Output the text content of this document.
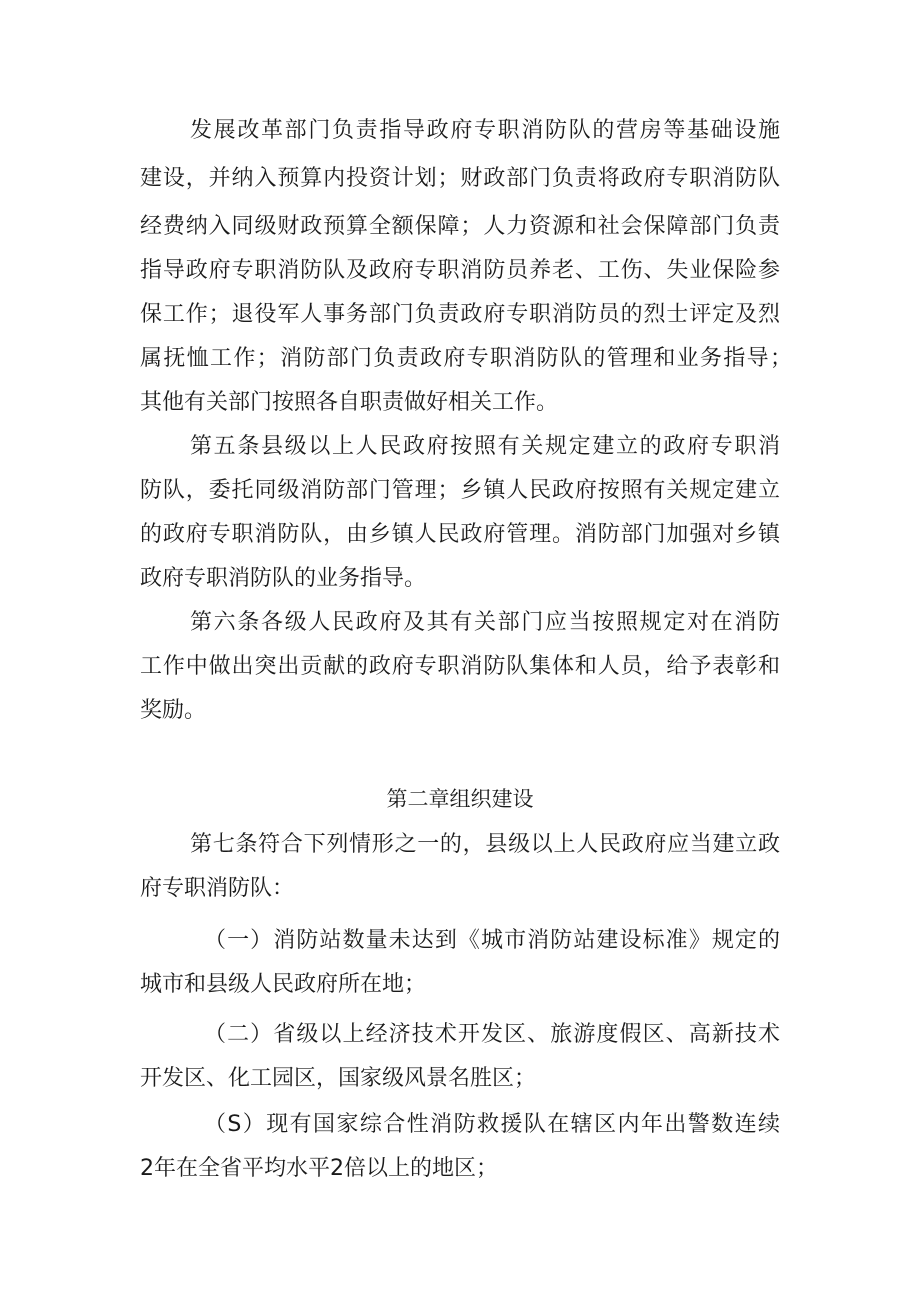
发展改革部门负责指导政府专职消防队的营房等基础设施
建设，并纳入预算内投资计划；财政部门负责将政府专职消防队
经费纳入同级财政预算全额保障；人力资源和社会保障部门负责
指导政府专职消防队及政府专职消防员养老、工伤、失业保险参
保工作；退役军人事务部门负责政府专职消防员的烈士评定及烈
属抚恤工作；消防部门负责政府专职消防队的管理和业务指导；
其他有关部门按照各自职责做好相关工作。
第五条县级以上人民政府按照有关规定建立的政府专职消
防队，委托同级消防部门管理；乡镇人民政府按照有关规定建立
的政府专职消防队，由乡镇人民政府管理。消防部门加强对乡镇
政府专职消防队的业务指导。
第六条各级人民政府及其有关部门应当按照规定对在消防
工作中做出突出贡献的政府专职消防队集体和人员，给予表彰和
奖励。
第二章组织建设
第七条符合下列情形之一的，县级以上人民政府应当建立政
府专职消防队：
（一）消防站数量未达到《城市消防站建设标准》规定的
城市和县级人民政府所在地；
（二）省级以上经济技术开发区、旅游度假区、高新技术
开发区、化工园区，国家级风景名胜区；
（S）现有国家综合性消防救援队在辖区内年出警数连续
2年在全省平均水平2倍以上的地区；
